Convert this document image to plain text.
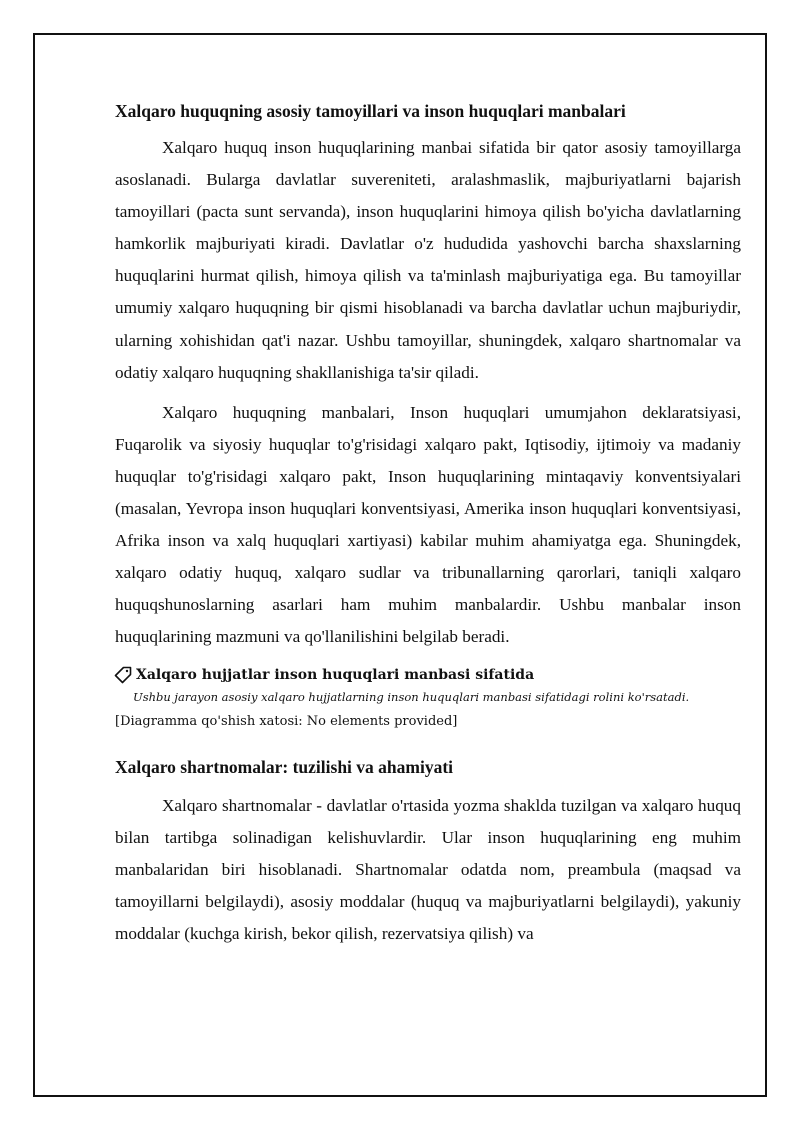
Xalqaro huquqning asosiy tamoyillari va inson huquqlari manbalari

Xalqaro huquq inson huquqlarining manbai sifatida bir qator asosiy tamoyillarga asoslanadi. Bularga davlatlar suvereniteti, aralashmaslik, majburiyatlarni bajarish tamoyillari (pacta sunt servanda), inson huquqlarini himoya qilish bo'yicha davlatlarning hamkorlik majburiyati kiradi. Davlatlar o'z hududida yashovchi barcha shaxslarning huquqlarini hurmat qilish, himoya qilish va ta'minlash majburiyatiga ega. Bu tamoyillar umumiy xalqaro huquqning bir qismi hisoblanadi va barcha davlatlar uchun majburiydir, ularning xohishidan qat'i nazar. Ushbu tamoyillar, shuningdek, xalqaro shartnomalar va odatiy xalqaro huquqning shakllanishiga ta'sir qiladi.

Xalqaro huquqning manbalari, Inson huquqlari umumjahon deklaratsiyasi, Fuqarolik va siyosiy huquqlar to'g'risidagi xalqaro pakt, Iqtisodiy, ijtimoiy va madaniy huquqlar to'g'risidagi xalqaro pakt, Inson huquqlarining mintaqaviy konventsiyalari (masalan, Yevropa inson huquqlari konventsiyasi, Amerika inson huquqlari konventsiyasi, Afrika inson va xalq huquqlari xartiyasi) kabilar muhim ahamiyatga ega. Shuningdek, xalqaro odatiy huquq, xalqaro sudlar va tribunallarning qarorlari, taniqli xalqaro huquqshunoslarning asarlari ham muhim manbalardir. Ushbu manbalar inson huquqlarining mazmuni va qo'llanilishini belgilab beradi.

Xalqaro hujjatlar inson huquqlari manbasi sifatida
Ushbu jarayon asosiy xalqaro hujjatlarning inson huquqlari manbasi sifatidagi rolini ko'rsatadi.
[Diagramma qo'shish xatosi: No elements provided]
Xalqaro shartnomalar: tuzilishi va ahamiyati

Xalqaro shartnomalar - davlatlar o'rtasida yozma shaklda tuzilgan va xalqaro huquq bilan tartibga solinadigan kelishuvlardir. Ular inson huquqlarining eng muhim manbalaridan biri hisoblanadi. Shartnomalar odatda nom, preambula (maqsad va tamoyillarni belgilaydi), asosiy moddalar (huquq va majburiyatlarni belgilaydi), yakuniy moddalar (kuchga kirish, bekor qilish, rezervatsiya qilish) va
